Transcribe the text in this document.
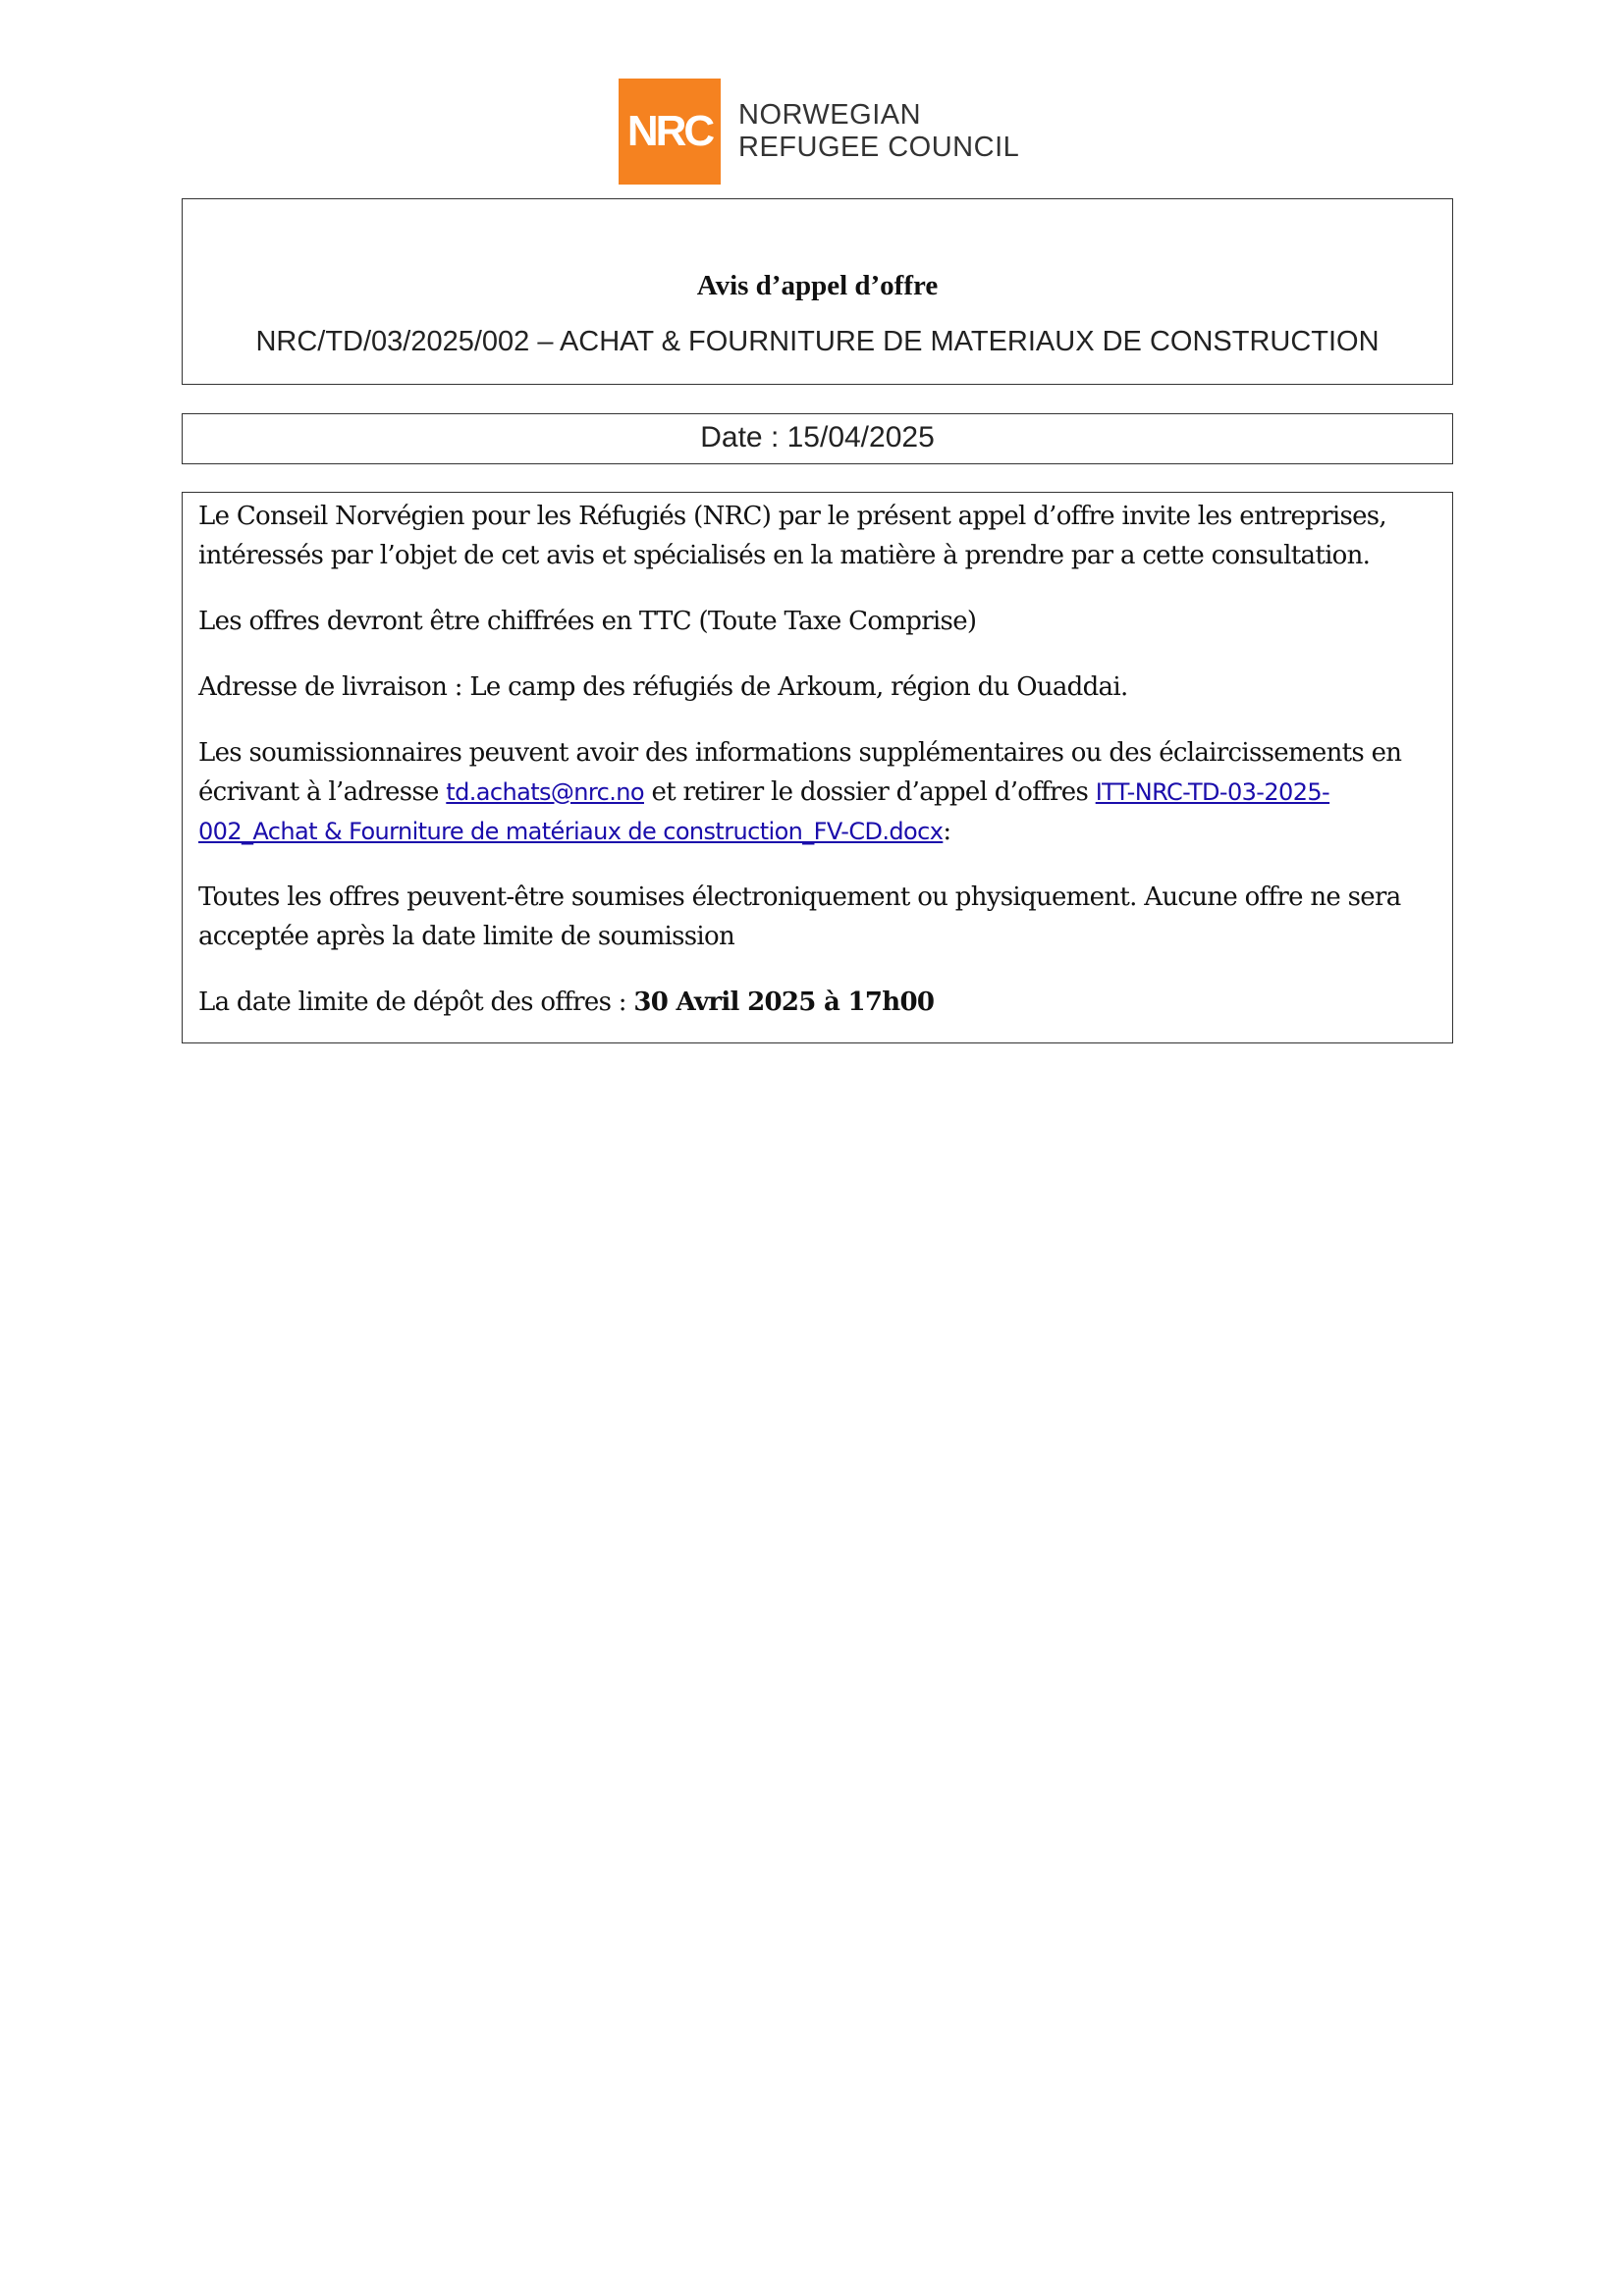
NRC NORWEGIAN
REFUGEE COUNCIL
Avis d’appel d’offre
NRC/TD/03/2025/002 – ACHAT & FOURNITURE DE MATERIAUX DE CONSTRUCTION
Date : 15/04/2025

Le Conseil Norvégien pour les Réfugiés (NRC) par le présent appel d’offre invite les entreprises, intéressés par l’objet de cet avis et spécialisés en la matière à prendre par a cette consultation.

Les offres devront être chiffrées en TTC (Toute Taxe Comprise)

Adresse de livraison : Le camp des réfugiés de Arkoum, région du Ouaddai.

Les soumissionnaires peuvent avoir des informations supplémentaires ou des éclaircissements en écrivant à l’adresse td.achats@nrc.no et retirer le dossier d’appel d’offres ITT-NRC-TD-03-2025-002_Achat & Fourniture de matériaux de construction_FV-CD.docx:

Toutes les offres peuvent-être soumises électroniquement ou physiquement. Aucune offre ne sera acceptée après la date limite de soumission

La date limite de dépôt des offres : 30 Avril 2025 à 17h00
